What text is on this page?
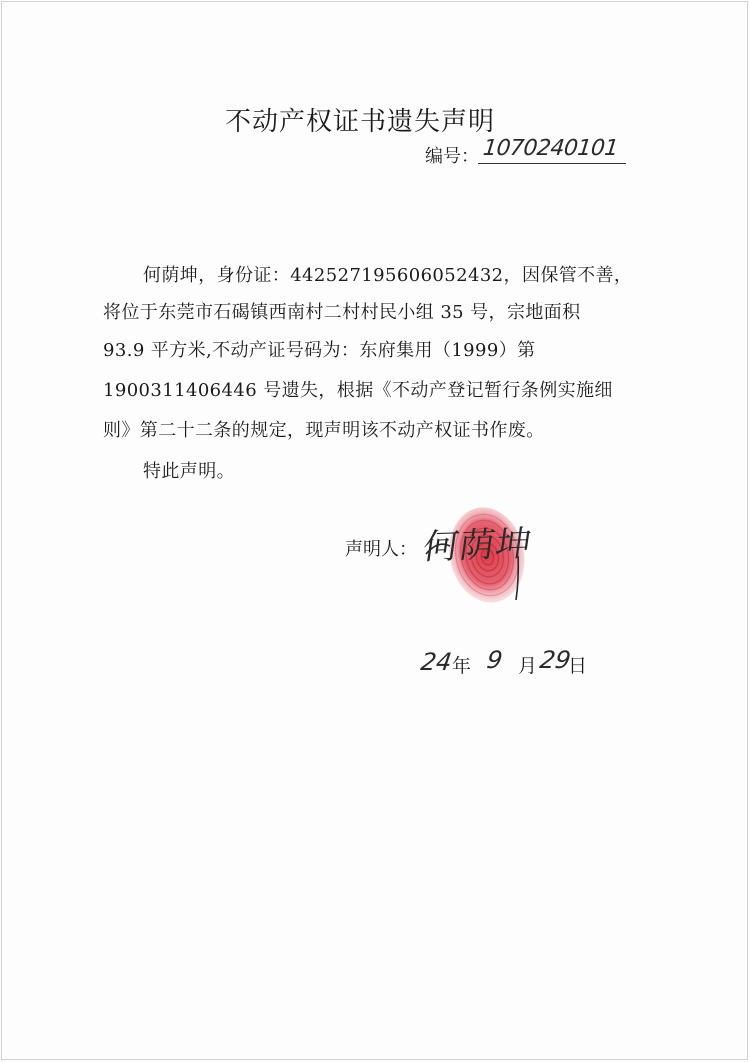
不动产权证书遗失声明
编号： 1070240101
何荫坤，身份证：442527195606052432，因保管不善，
将位于东莞市石碣镇西南村二村村民小组 35 号，宗地面积
93.9 平方米,不动产证号码为：东府集用（1999）第
1900311406446 号遗失，根据《不动产登记暂行条例实施细
则》第二十二条的规定，现声明该不动产权证书作废。
特此声明。
声明人： 何荫坤
24
年 9 月 29
日
